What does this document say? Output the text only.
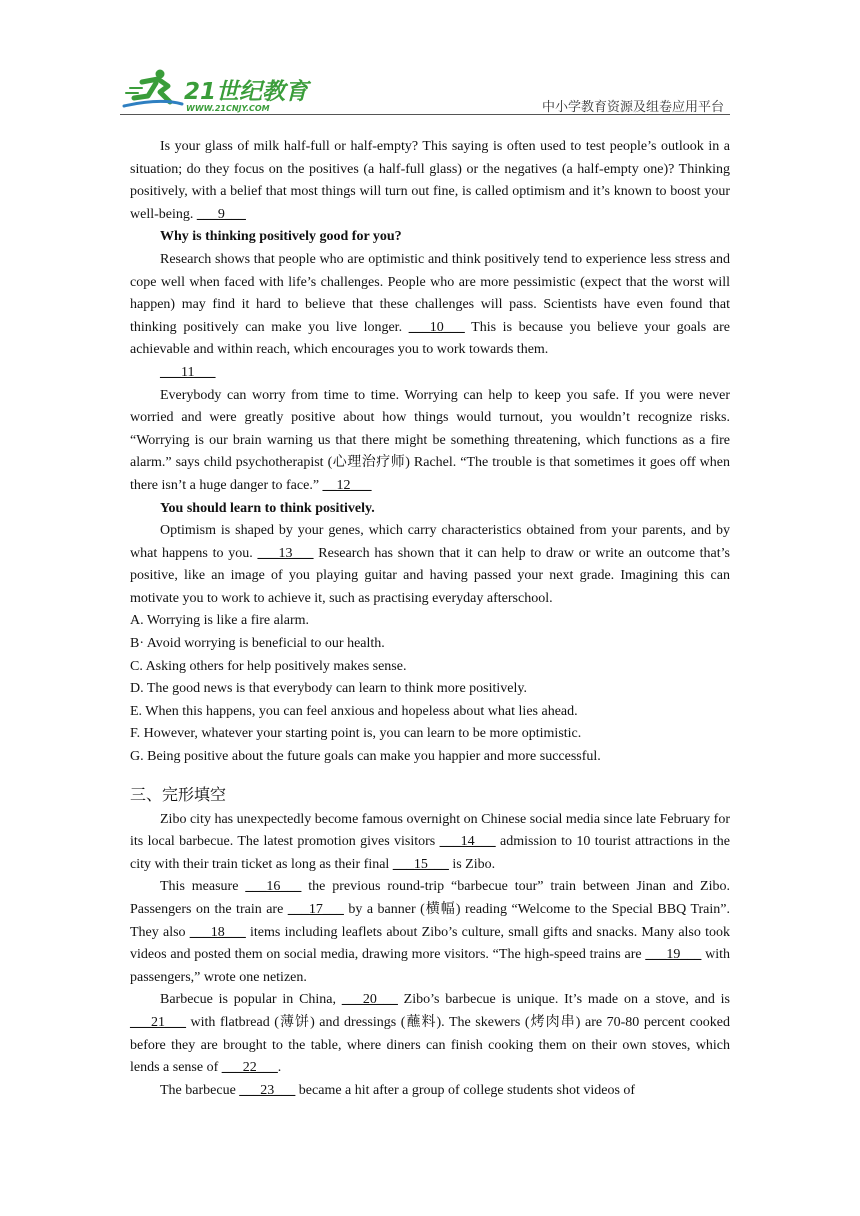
21世纪教育
WWW.21CNJY.COM	中小学教育资源及组卷应用平台

Is your glass of milk half-full or half-empty? This saying is often used to test people’s outlook in a situation; do they focus on the positives (a half-full glass) or the negatives (a half-empty one)? Thinking positively, with a belief that most things will turn out fine, is called optimism and it’s known to boost your well-being. ___9___

Why is thinking positively good for you?

Research shows that people who are optimistic and think positively tend to experience less stress and cope well when faced with life’s challenges. People who are more pessimistic (expect that the worst will happen) may find it hard to believe that these challenges will pass. Scientists have even found that thinking positively can make you live longer. ___10___ This is because you believe your goals are achievable and within reach, which encourages you to work towards them.

___11___

Everybody can worry from time to time. Worrying can help to keep you safe. If you were never worried and were greatly positive about how things would turnout, you wouldn’t recognize risks. “Worrying is our brain warning us that there might be something threatening, which functions as a fire alarm.” says child psychotherapist (心理治疗师) Rachel. “The trouble is that sometimes it goes off when there isn’t a huge danger to face.” __12___

You should learn to think positively.

Optimism is shaped by your genes, which carry characteristics obtained from your parents, and by what happens to you. ___13___ Research has shown that it can help to draw or write an outcome that’s positive, like an image of you playing guitar and having passed your next grade. Imagining this can motivate you to work to achieve it, such as practising everyday afterschool.

A. Worrying is like a fire alarm.

B· Avoid worrying is beneficial to our health.

C. Asking others for help positively makes sense.

D. The good news is that everybody can learn to think more positively.

E. When this happens, you can feel anxious and hopeless about what lies ahead.

F. However, whatever your starting point is, you can learn to be more optimistic.

G. Being positive about the future goals can make you happier and more successful.

三、完形填空

Zibo city has unexpectedly become famous overnight on Chinese social media since late February for its local barbecue. The latest promotion gives visitors ___14___ admission to 10 tourist attractions in the city with their train ticket as long as their final ___15___ is Zibo.

This measure ___16___ the previous round-trip “barbecue tour” train between Jinan and Zibo. Passengers on the train are ___17___ by a banner (横幅) reading “Welcome to the Special BBQ Train”. They also ___18___ items including leaflets about Zibo’s culture, small gifts and snacks. Many also took videos and posted them on social media, drawing more visitors. “The high-speed trains are ___19___ with passengers,” wrote one netizen.

Barbecue is popular in China, ___20___ Zibo’s barbecue is unique. It’s made on a stove, and is ___21___ with flatbread (薄饼) and dressings (蘸料). The skewers (烤肉串) are 70-80 percent cooked before they are brought to the table, where diners can finish cooking them on their own stoves, which lends a sense of ___22___.

The barbecue ___23___ became a hit after a group of college students shot videos of
